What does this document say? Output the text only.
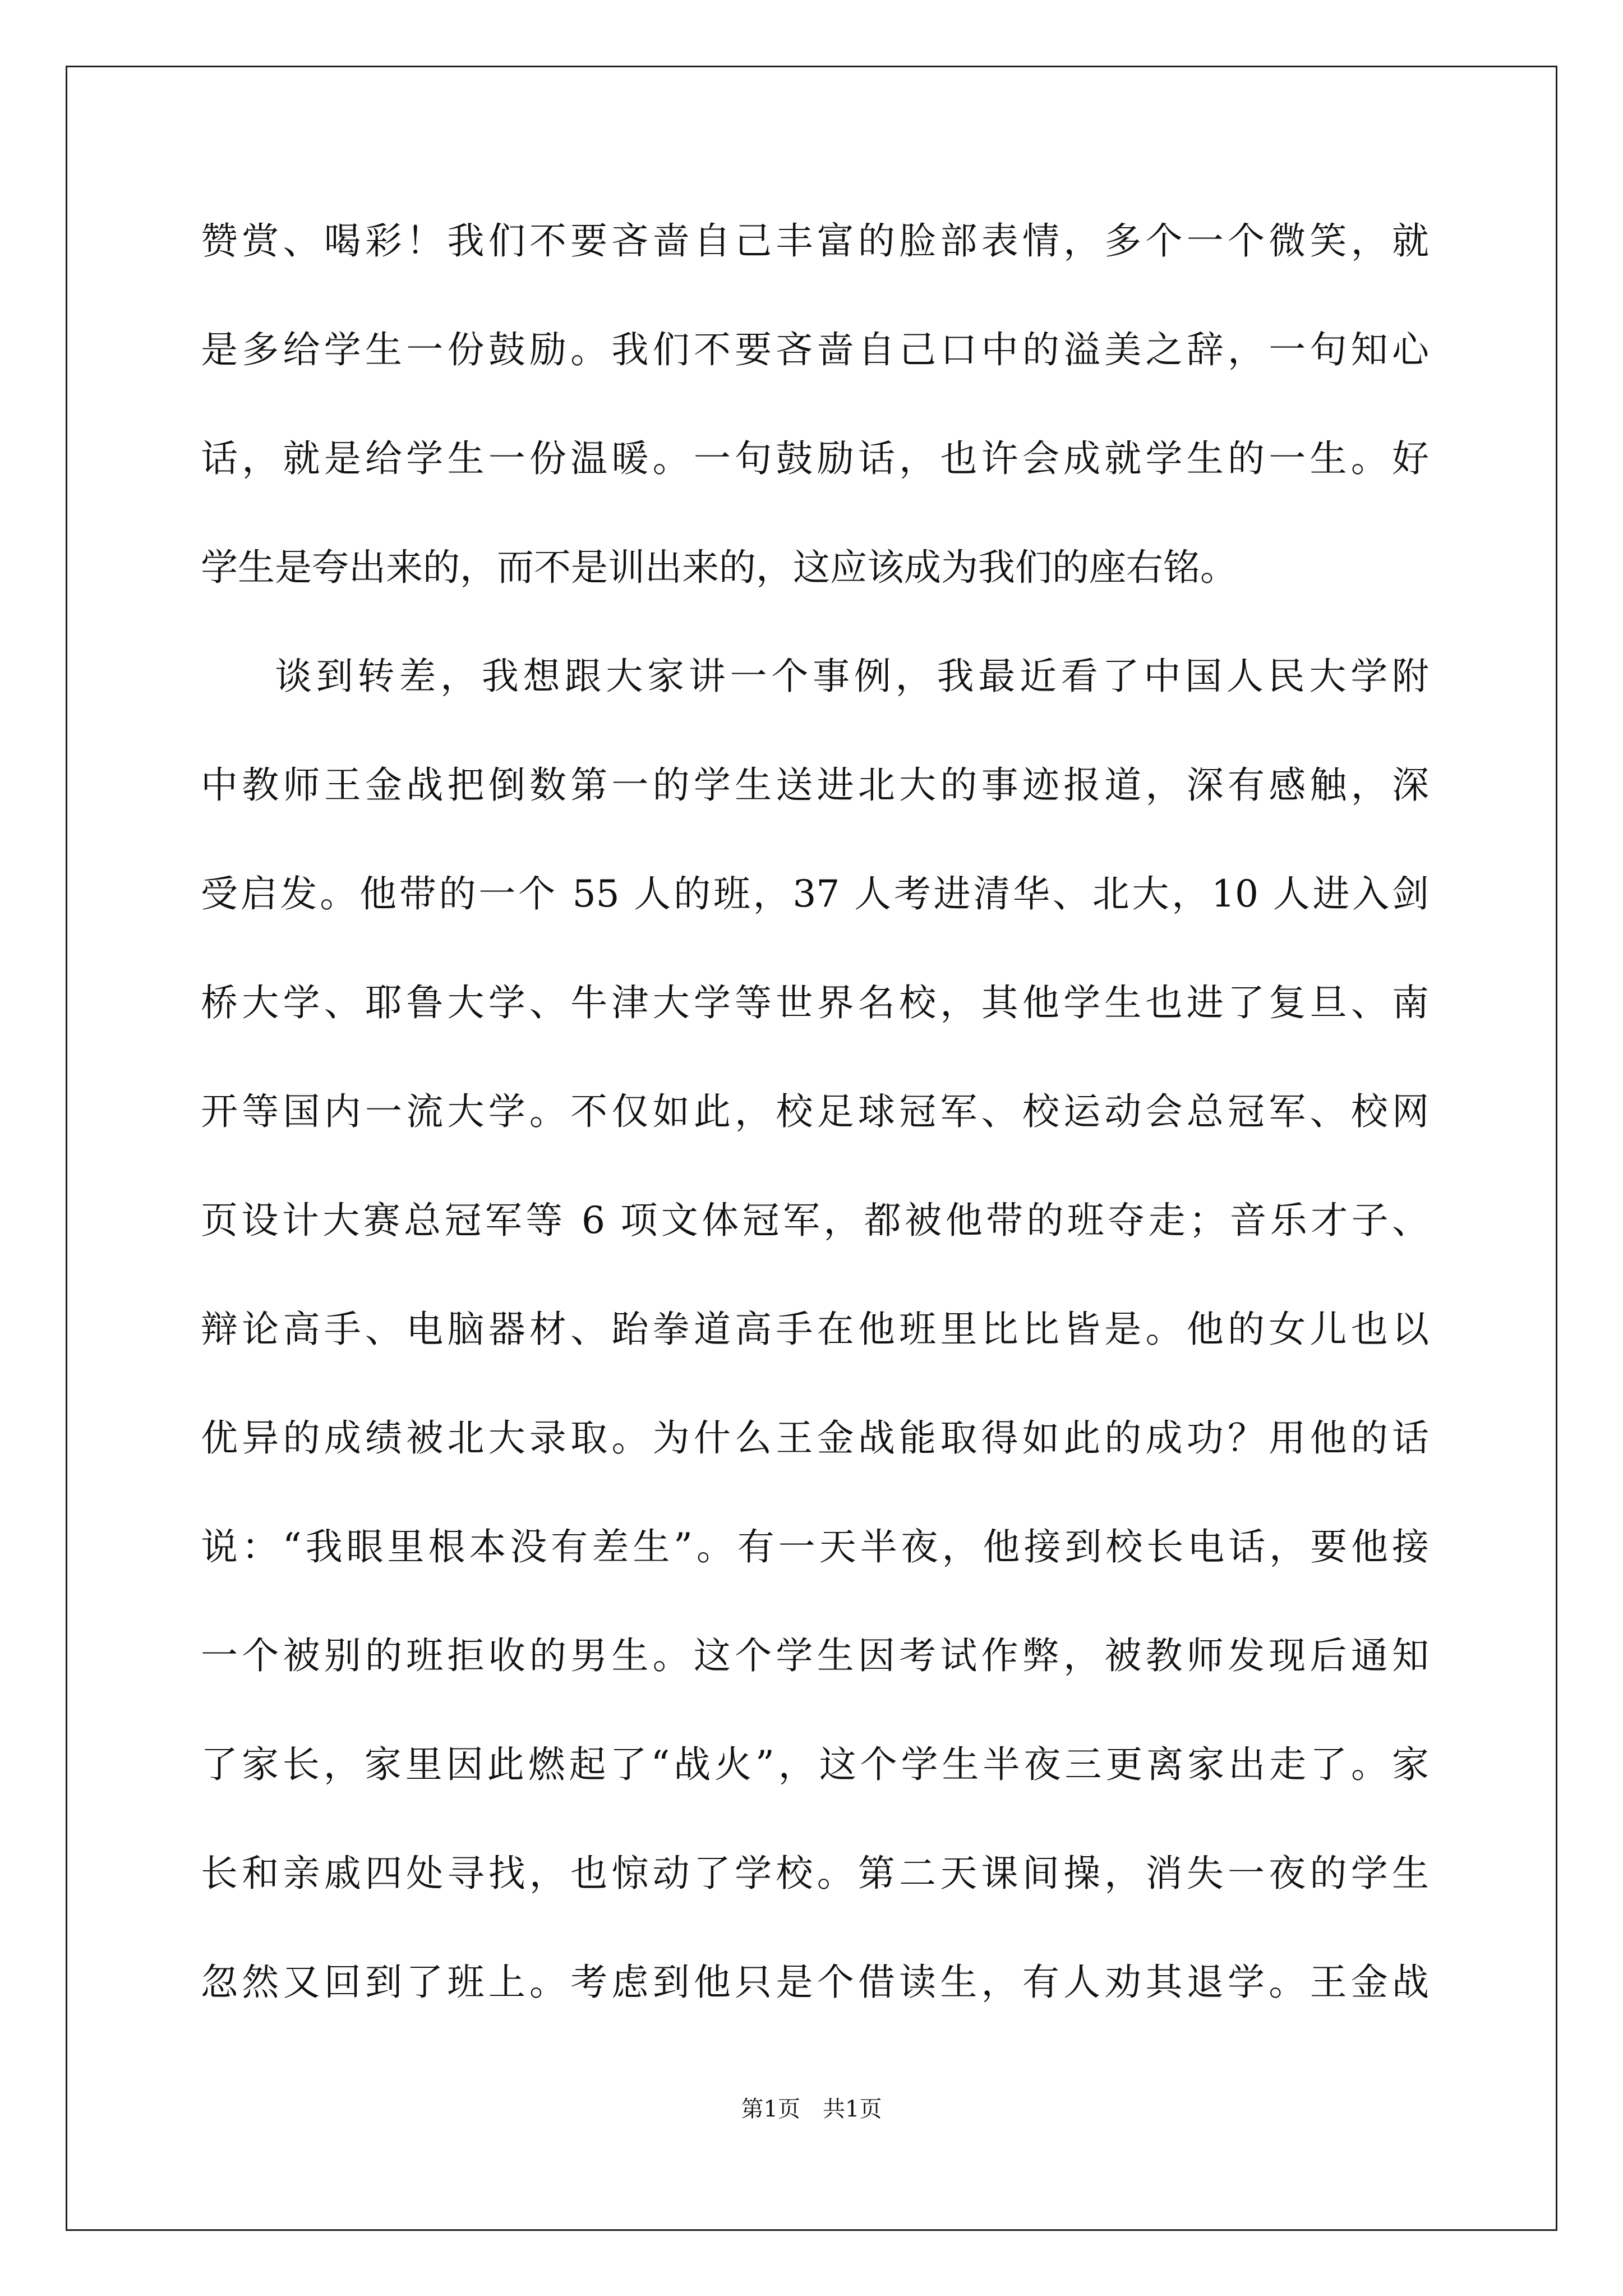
赞赏、喝彩！我们不要吝啬自己丰富的脸部表情，多个一个微笑，就
是多给学生一份鼓励。我们不要吝啬自己口中的溢美之辞，一句知心
话，就是给学生一份温暖。一句鼓励话，也许会成就学生的一生。好
学生是夸出来的，而不是训出来的，这应该成为我们的座右铭。
谈到转差，我想跟大家讲一个事例，我最近看了中国人民大学附
中教师王金战把倒数第一的学生送进北大的事迹报道，深有感触，深
受启发。他带的一个 55 人的班，37 人考进清华、北大，10 人进入剑
桥大学、耶鲁大学、牛津大学等世界名校，其他学生也进了复旦、南
开等国内一流大学。不仅如此，校足球冠军、校运动会总冠军、校网
页设计大赛总冠军等 6 项文体冠军，都被他带的班夺走；音乐才子、
辩论高手、电脑器材、跆拳道高手在他班里比比皆是。他的女儿也以
优异的成绩被北大录取。为什么王金战能取得如此的成功？用他的话
说：“我眼里根本没有差生”。有一天半夜，他接到校长电话，要他接
一个被别的班拒收的男生。这个学生因考试作弊，被教师发现后通知
了家长，家里因此燃起了“战火”，这个学生半夜三更离家出走了。家
长和亲戚四处寻找，也惊动了学校。第二天课间操，消失一夜的学生
忽然又回到了班上。考虑到他只是个借读生，有人劝其退学。王金战
第1页 共1页
